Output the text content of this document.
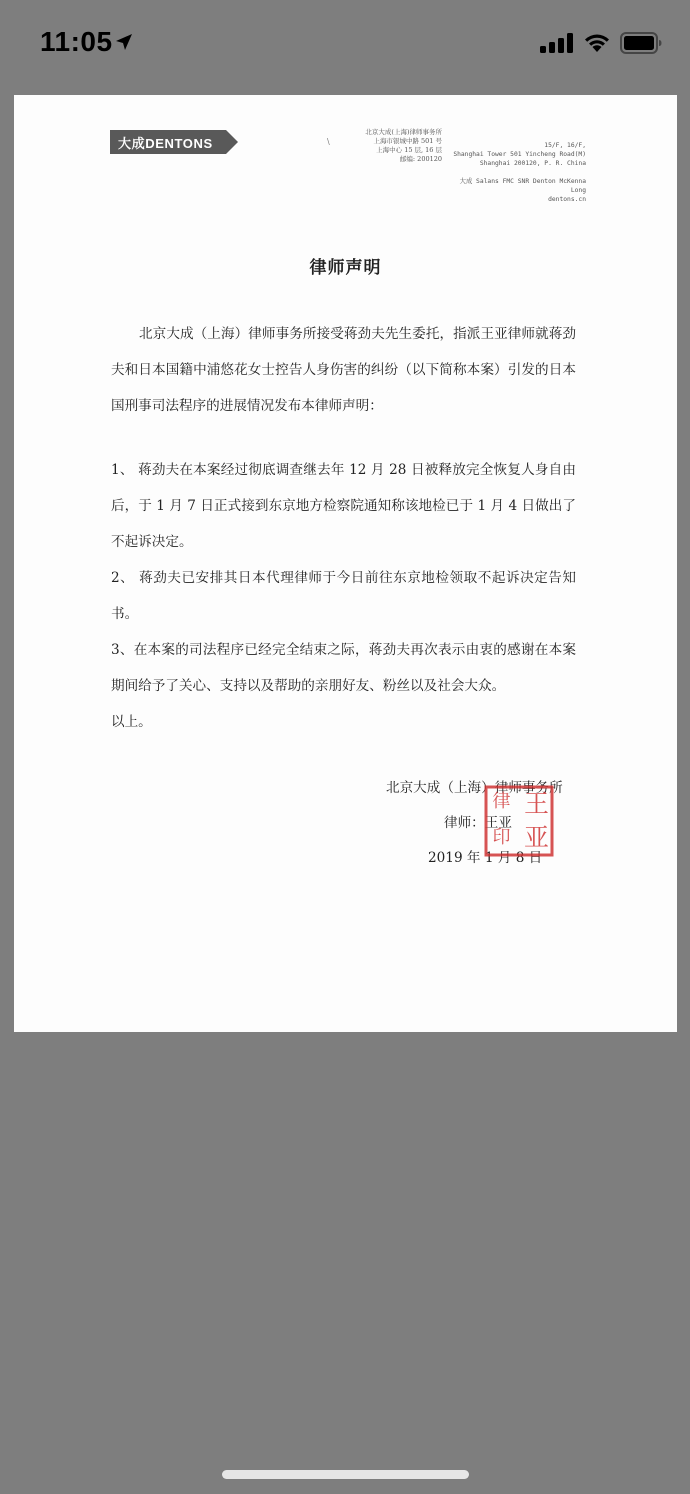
11:05
大成DENTONS	\
北京大成(上海)律师事务所
上海市银城中路 501 号
上海中心 15 层, 16 层
邮编: 200120
15/F, 16/F,
Shanghai Tower 501 Yincheng Road(M)
Shanghai 200120, P. R. China
大成 Salans FMC SNR Denton McKenna Long
dentons.cn
律师声明

北京大成（上海）律师事务所接受蒋劲夫先生委托，指派王亚律师就蒋劲夫和日本国籍中浦悠花女士控告人身伤害的纠纷（以下简称本案）引发的日本国刑事司法程序的进展情况发布本律师声明：

1、 蒋劲夫在本案经过彻底调查继去年 12 月 28 日被释放完全恢复人身自由后，于 1 月 7 日正式接到东京地方检察院通知称该地检已于 1 月 4 日做出了不起诉决定。

2、 蒋劲夫已安排其日本代理律师于今日前往东京地检领取不起诉决定告知书。

3、在本案的司法程序已经完全结束之际，蒋劲夫再次表示由衷的感谢在本案期间给予了关心、支持以及帮助的亲朋好友、粉丝以及社会大众。

以上。

北京大成（上海）律师事务所
律师：王亚
2019 年 1 月 8 日
律 王
亚
印
